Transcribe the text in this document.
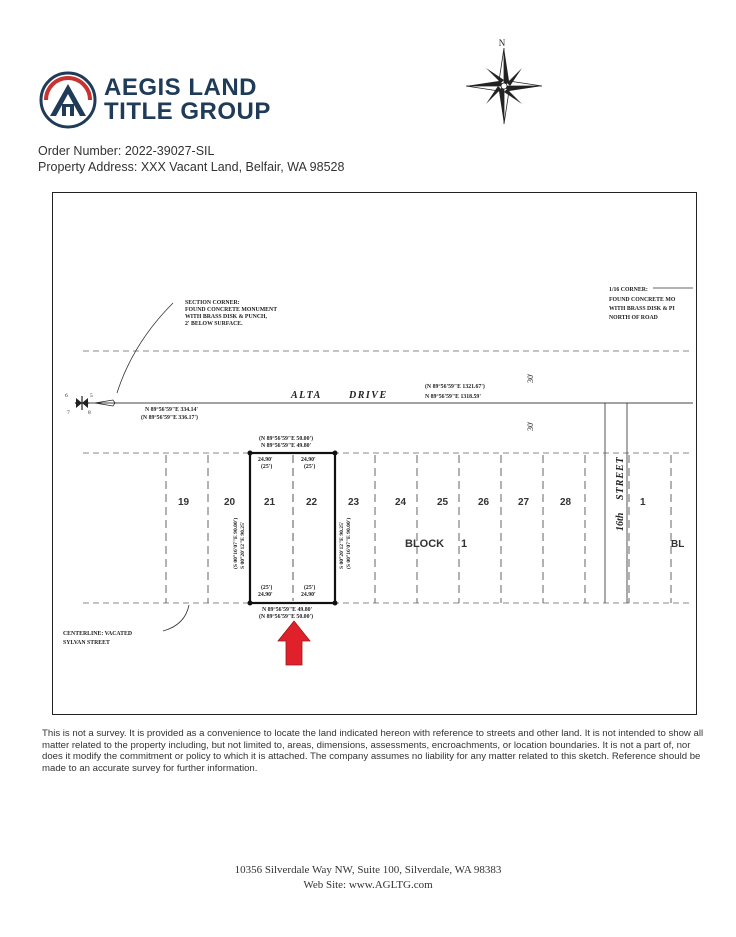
AEGIS LAND
TITLE GROUP
N
Order Number: 2022-39027-SIL
Property Address: XXX Vacant Land, Belfair, WA 98528
SECTION CORNER:
FOUND CONCRETE MONUMENT
WITH BRASS DISK & PUNCH,
2' BELOW SURFACE.
1/16 CORNER:
FOUND CONCRETE MO
WITH BRASS DISK & PI
NORTH OF ROAD
6	5
7	8
ALTA	DRIVE
(N 89°56'59"E 1321.67')
N 89°56'59"E 1318.59'
N 89°56'59"E 334.14'
(N 89°56'59"E 336.17')
30'
30'
(N 89°56'59"E 50.00')
N 89°56'59"E 49.80'
24.90'
(25')
24.90'
(25')
(25')
24.90'
(25')
24.90'
N 89°56'59"E 49.80'
(N 89°56'59"E 50.00')
(S 00°16'07"E 90.00') S 00°20'12"E 90.25'	S 00°20'12"E 90.25' (S 00°16'07"E 90.00')
19	20	21	22	23	24	25	26	27	28	1
BLOCK 1	BL
16th
STREET
CENTERLINE: VACATED
SYLVAN STREET
This is not a survey. It is provided as a convenience to locate the land indicated hereon with reference to streets and other land. It is not intended to show all matter related to the property including, but not limited to, areas, dimensions, assessments, encroachments, or location boundaries. It is not a part of, nor does it modify the commitment or policy to which it is attached. The company assumes no liability for any matter related to this sketch. Reference should be made to an accurate survey for further information.
10356 Silverdale Way NW, Suite 100, Silverdale, WA 98383
Web Site: www.AGLTG.com
